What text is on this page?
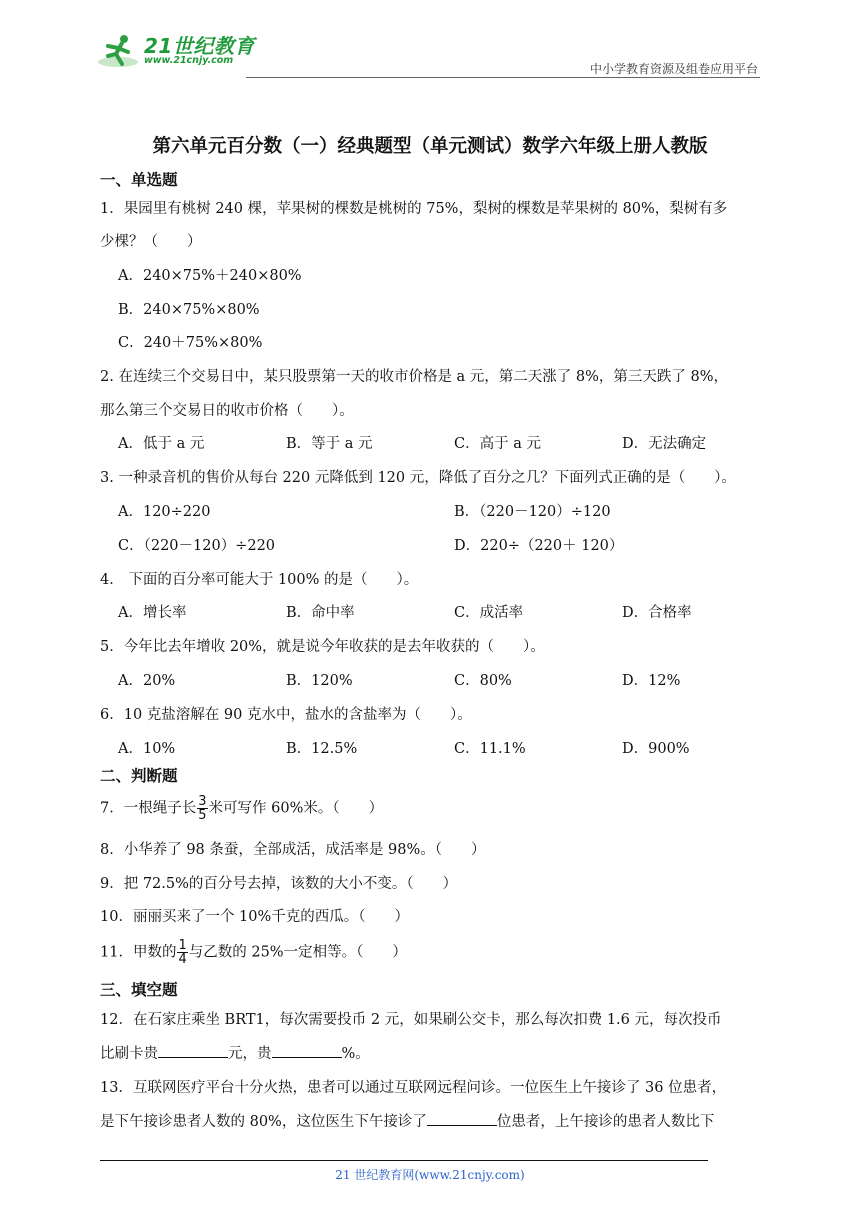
21世纪教育
www.21cnjy.com
中小学教育资源及组卷应用平台
第六单元百分数（一）经典题型（单元测试）数学六年级上册人教版
一、单选题
1．果园里有桃树 240 棵，苹果树的棵数是桃树的 75%，梨树的棵数是苹果树的 80%，梨树有多
少棵？（　　）
A．240×75%＋240×80%
B．240×75%×80%
C．240＋75%×80%
2. 在连续三个交易日中，某只股票第一天的收市价格是 a 元，第二天涨了 8%，第三天跌了 8%，
那么第三个交易日的收市价格（　　）。
A．低于 a 元	B．等于 a 元	C．高于 a 元	D．无法确定
3. 一种录音机的售价从每台 220 元降低到 120 元，降低了百分之几？下面列式正确的是（　　）。
A．120÷220	B．（220－120）÷120
C．（220－120）÷220	D．220÷（220＋ 120）
4． 下面的百分率可能大于 100% 的是（　　）。
A．增长率	B．命中率	C．成活率	D．合格率
5．今年比去年增收 20%，就是说今年收获的是去年收获的（　　）。
A．20%	B．120%	C．80%	D．12%
6．10 克盐溶解在 90 克水中，盐水的含盐率为（　　）。
A．10%	B．12.5%	C．11.1%	D．900%
二、判断题
7．一根绳子长 $\frac{3}{5}$ 米可写作 60%米。（　　）
8．小华养了 98 条蚕，全部成活，成活率是 98%。（　　）
9．把 72.5%的百分号去掉，该数的大小不变。（　　）
10．丽丽买来了一个 10%千克的西瓜。（　　）
11．甲数的 $\frac{1}{4}$ 与乙数的 25%一定相等。（　　）
三、填空题
12．在石家庄乘坐 BRT1，每次需要投币 2 元，如果刷公交卡，那么每次扣费 1.6 元，每次投币
比刷卡贵	元，贵	%。
13．互联网医疗平台十分火热，患者可以通过互联网远程问诊。一位医生上午接诊了 36 位患者，
是下午接诊患者人数的 80%，这位医生下午接诊了	位患者，上午接诊的患者人数比下
21 世纪教育网(www.21cnjy.com)
